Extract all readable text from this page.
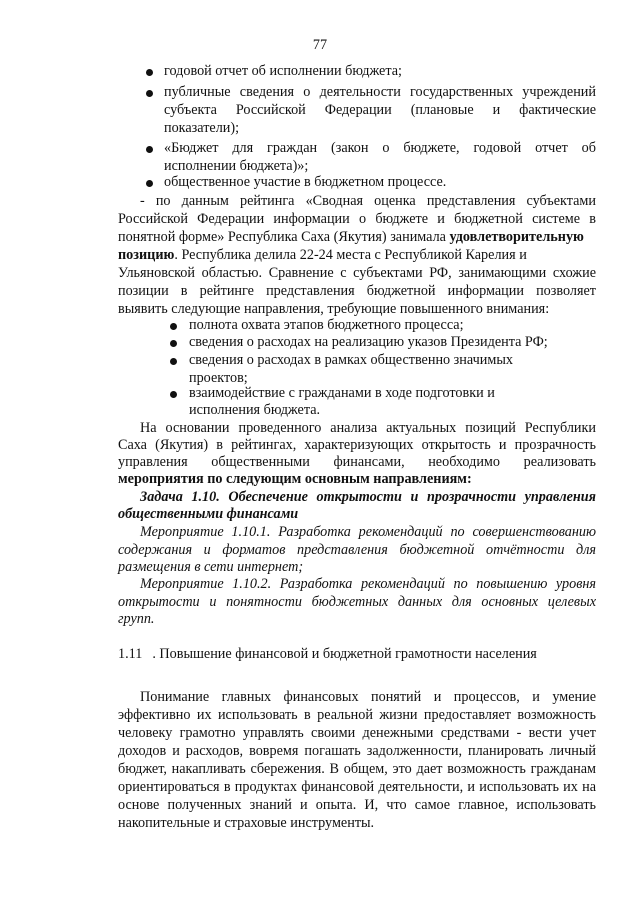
77
годовой отчет об исполнении бюджета;
публичные сведения о деятельности государственных учреждений
субъекта Российской Федерации (плановые и фактические
показатели);
«Бюджет для граждан (закон о бюджете, годовой отчет об
исполнении бюджета)»;
общественное участие в бюджетном процессе.
- по данным рейтинга «Сводная оценка представления субъектами
Российской Федерации информации о бюджете и бюджетной системе в
понятной форме» Республика Саха (Якутия) занимала удовлетворительную
позицию. Республика делила 22-24 места с Республикой Карелия и
Ульяновской областью. Сравнение с субъектами РФ, занимающими схожие
позиции в рейтинге представления бюджетной информации позволяет
выявить следующие направления, требующие повышенного внимания:
полнота охвата этапов бюджетного процесса;
сведения о расходах на реализацию указов Президента РФ;
сведения о расходах в рамках общественно значимых
проектов;
взаимодействие с гражданами в ходе подготовки и
исполнения бюджета.
На основании проведенного анализа актуальных позиций Республики
Саха (Якутия) в рейтингах, характеризующих открытость и прозрачность
управления общественными финансами, необходимо реализовать
мероприятия по следующим основным направлениям:
Задача 1.10. Обеспечение открытости и прозрачности управления
общественными финансами
Мероприятие 1.10.1. Разработка рекомендаций по совершенствованию
содержания и форматов представления бюджетной отчётности для
размещения в сети интернет;
Мероприятие 1.10.2. Разработка рекомендаций по повышению уровня
открытости и понятности бюджетных данных для основных целевых
групп.
1.11 . Повышение финансовой и бюджетной грамотности населения
Понимание главных финансовых понятий и процессов, и умение
эффективно их использовать в реальной жизни предоставляет возможность
человеку грамотно управлять своими денежными средствами - вести учет
доходов и расходов, вовремя погашать задолженности, планировать личный
бюджет, накапливать сбережения. В общем, это дает возможность гражданам
ориентироваться в продуктах финансовой деятельности, и использовать их на
основе полученных знаний и опыта. И, что самое главное, использовать
накопительные и страховые инструменты.
